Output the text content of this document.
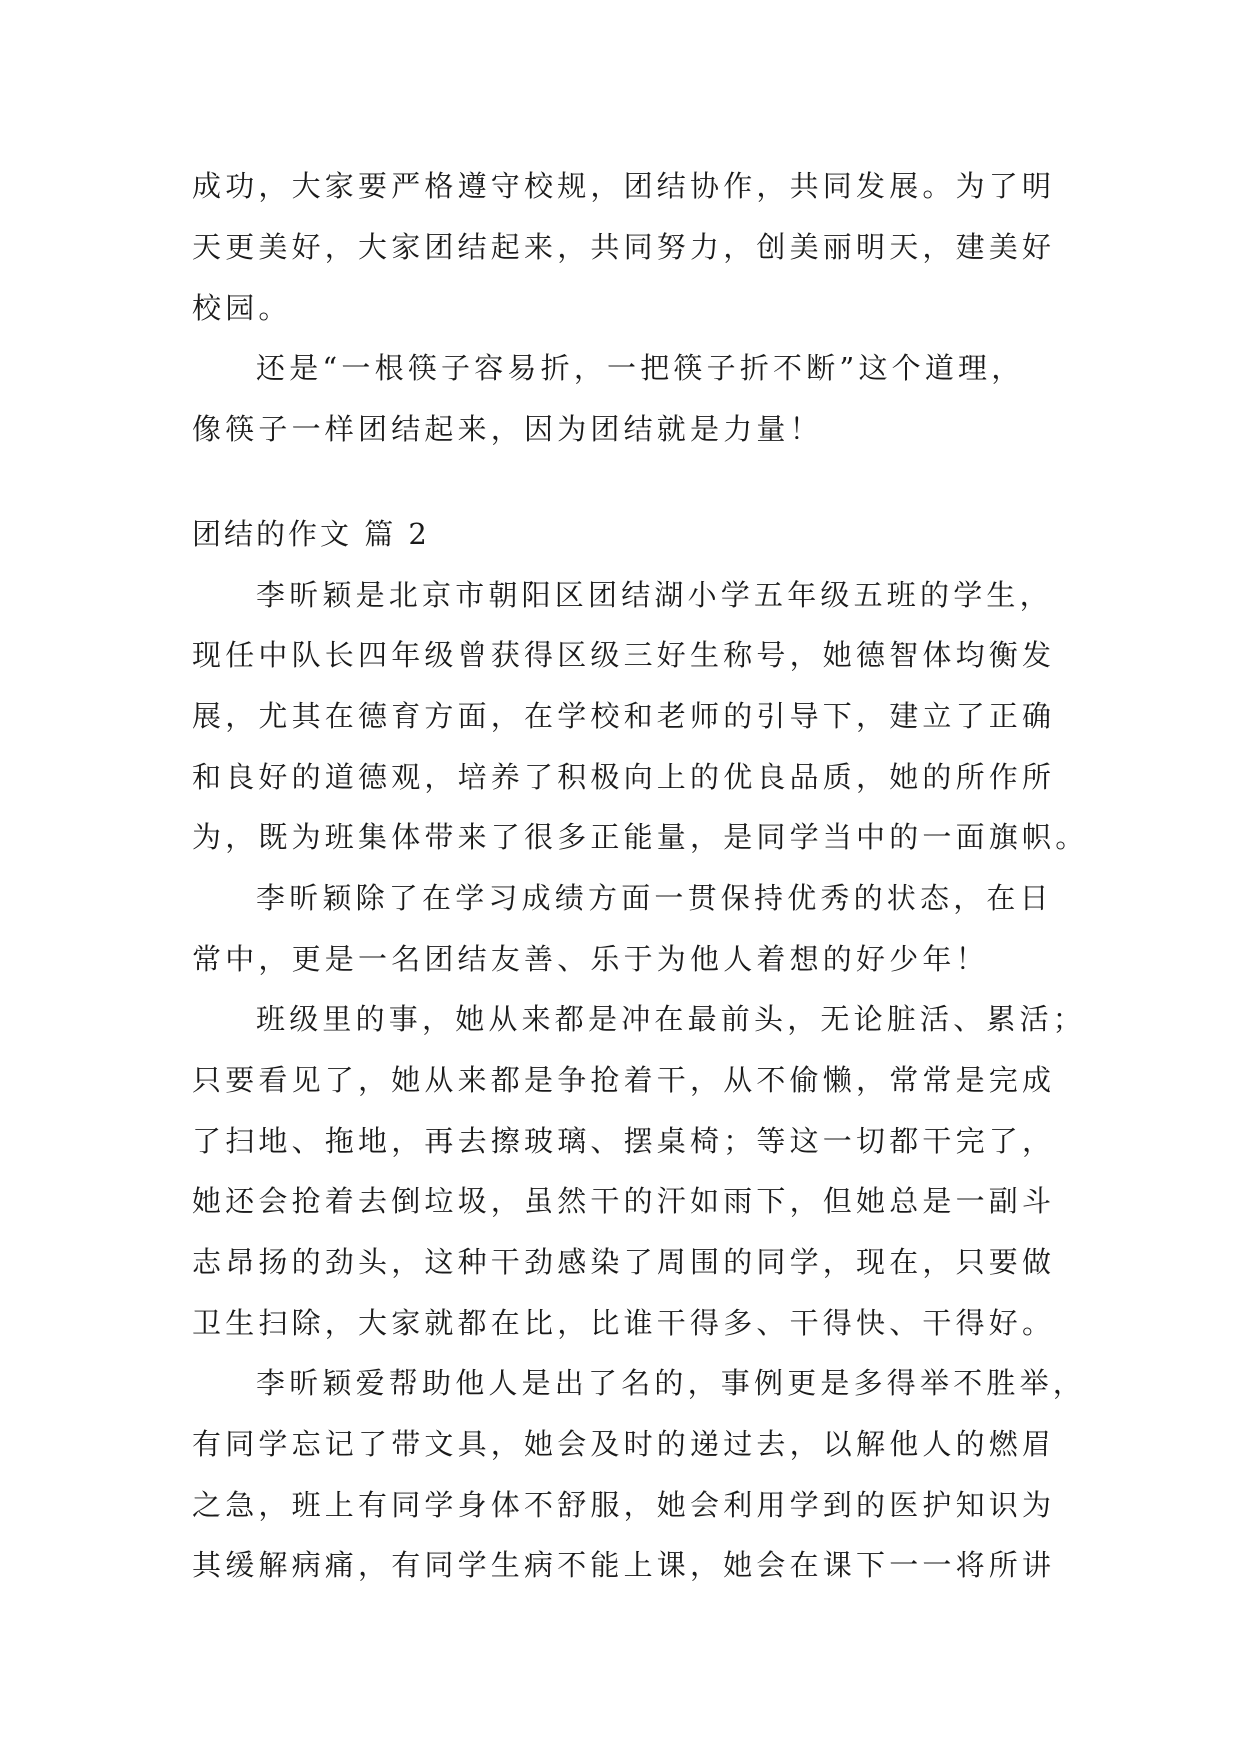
成功，大家要严格遵守校规，团结协作，共同发展。为了明
天更美好，大家团结起来，共同努力，创美丽明天，建美好
校园。
还是“一根筷子容易折，一把筷子折不断”这个道理，
像筷子一样团结起来，因为团结就是力量！
团结的作文 篇 2
李昕颖是北京市朝阳区团结湖小学五年级五班的学生，
现任中队长四年级曾获得区级三好生称号，她德智体均衡发
展，尤其在德育方面，在学校和老师的引导下，建立了正确
和良好的道德观，培养了积极向上的优良品质，她的所作所
为，既为班集体带来了很多正能量，是同学当中的一面旗帜。
李昕颖除了在学习成绩方面一贯保持优秀的状态，在日
常中，更是一名团结友善、乐于为他人着想的好少年！
班级里的事，她从来都是冲在最前头，无论脏活、累活；
只要看见了，她从来都是争抢着干，从不偷懒，常常是完成
了扫地、拖地，再去擦玻璃、摆桌椅；等这一切都干完了，
她还会抢着去倒垃圾，虽然干的汗如雨下，但她总是一副斗
志昂扬的劲头，这种干劲感染了周围的同学，现在，只要做
卫生扫除，大家就都在比，比谁干得多、干得快、干得好。
李昕颖爱帮助他人是出了名的，事例更是多得举不胜举，
有同学忘记了带文具，她会及时的递过去，以解他人的燃眉
之急，班上有同学身体不舒服，她会利用学到的医护知识为
其缓解病痛，有同学生病不能上课，她会在课下一一将所讲
